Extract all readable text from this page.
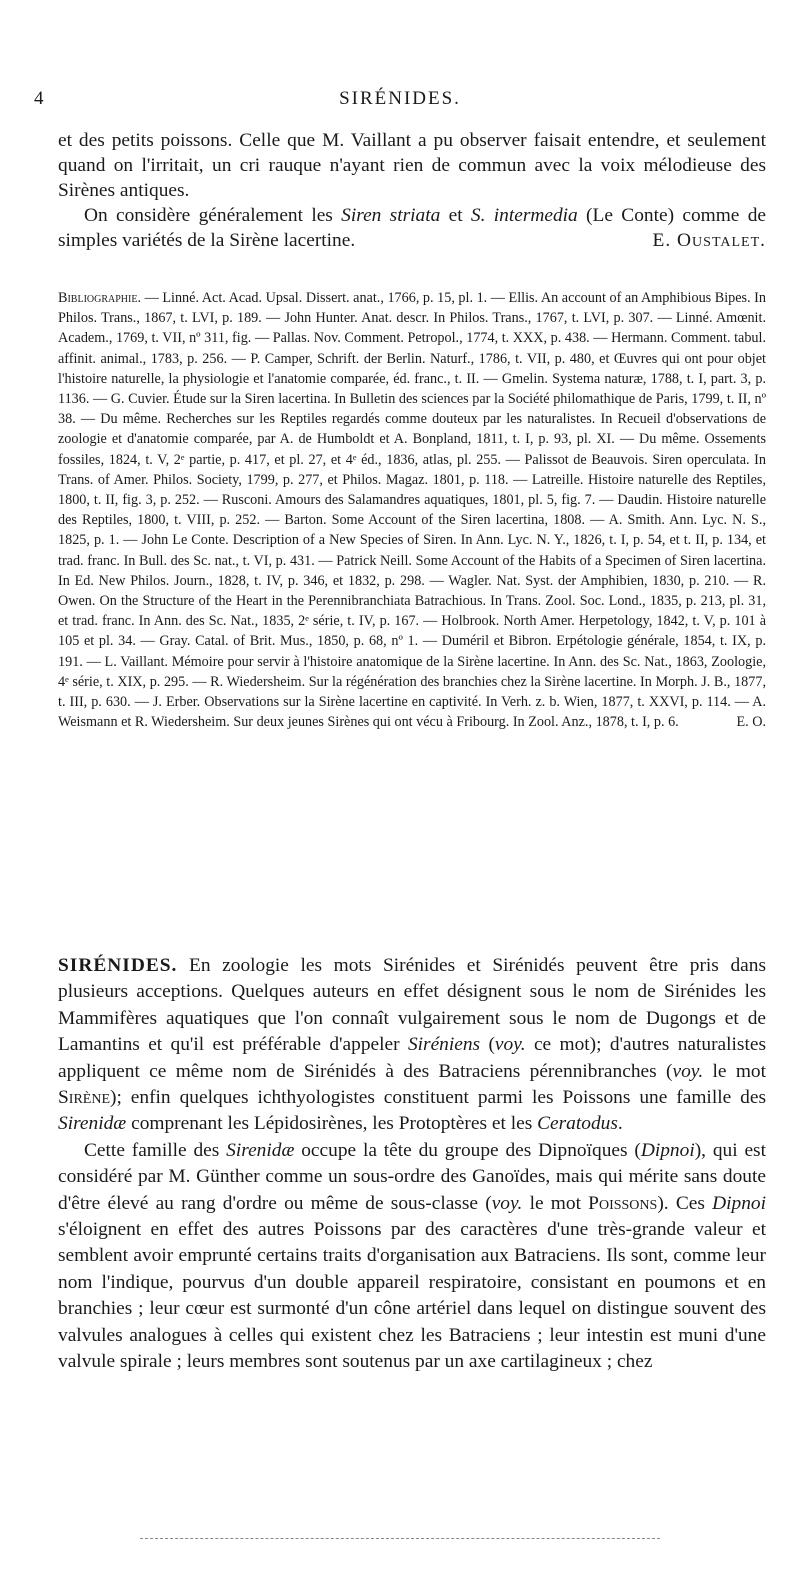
4	SIRÉNIDES.

et des petits poissons. Celle que M. Vaillant a pu observer faisait entendre, et seulement quand on l'irritait, un cri rauque n'ayant rien de commun avec la voix mélodieuse des Sirènes antiques.

On considère généralement les Siren striata et S. intermedia (Le Conte) comme de simples variétés de la Sirène lacertine.	E. Oustalet.

Bibliographie. — Linné. Act. Acad. Upsal. Dissert. anat., 1766, p. 15, pl. 1. — Ellis. An account of an Amphibious Bipes. In Philos. Trans., 1867, t. LVI, p. 189. — John Hunter. Anat. descr. In Philos. Trans., 1767, t. LVI, p. 307. — Linné. Amœnit. Academ., 1769, t. VII, nº 311, fig. — Pallas. Nov. Comment. Petropol., 1774, t. XXX, p. 438. — Hermann. Comment. tabul. affinit. animal., 1783, p. 256. — P. Camper, Schrift. der Berlin. Naturf., 1786, t. VII, p. 480, et Œuvres qui ont pour objet l'histoire naturelle, la physiologie et l'anatomie comparée, éd. franc., t. II. — Gmelin. Systema naturæ, 1788, t. I, part. 3, p. 1136. — G. Cuvier. Étude sur la Siren lacertina. In Bulletin des sciences par la Société philomathique de Paris, 1799, t. II, nº 38. — Du même. Recherches sur les Reptiles regardés comme douteux par les naturalistes. In Recueil d'observations de zoologie et d'anatomie comparée, par A. de Humboldt et A. Bonpland, 1811, t. I, p. 93, pl. XI. — Du même. Ossements fossiles, 1824, t. V, 2ᵉ partie, p. 417, et pl. 27, et 4ᵉ éd., 1836, atlas, pl. 255. — Palissot de Beauvois. Siren operculata. In Trans. of Amer. Philos. Society, 1799, p. 277, et Philos. Magaz. 1801, p. 118. — Latreille. Histoire naturelle des Reptiles, 1800, t. II, fig. 3, p. 252. — Rusconi. Amours des Salamandres aquatiques, 1801, pl. 5, fig. 7. — Daudin. Histoire naturelle des Reptiles, 1800, t. VIII, p. 252. — Barton. Some Account of the Siren lacertina, 1808. — A. Smith. Ann. Lyc. N. S., 1825, p. 1. — John Le Conte. Description of a New Species of Siren. In Ann. Lyc. N. Y., 1826, t. I, p. 54, et t. II, p. 134, et trad. franc. In Bull. des Sc. nat., t. VI, p. 431. — Patrick Neill. Some Account of the Habits of a Specimen of Siren lacertina. In Ed. New Philos. Journ., 1828, t. IV, p. 346, et 1832, p. 298. — Wagler. Nat. Syst. der Amphibien, 1830, p. 210. — R. Owen. On the Structure of the Heart in the Perennibranchiata Batrachious. In Trans. Zool. Soc. Lond., 1835, p. 213, pl. 31, et trad. franc. In Ann. des Sc. Nat., 1835, 2ᵉ série, t. IV, p. 167. — Holbrook. North Amer. Herpetology, 1842, t. V, p. 101 à 105 et pl. 34. — Gray. Catal. of Brit. Mus., 1850, p. 68, nº 1. — Duméril et Bibron. Erpétologie générale, 1854, t. IX, p. 191. — L. Vaillant. Mémoire pour servir à l'histoire anatomique de la Sirène lacertine. In Ann. des Sc. Nat., 1863, Zoologie, 4ᵉ série, t. XIX, p. 295. — R. Wiedersheim. Sur la régénération des branchies chez la Sirène lacertine. In Morph. J. B., 1877, t. III, p. 630. — J. Erber. Observations sur la Sirène lacertine en captivité. In Verh. z. b. Wien, 1877, t. XXVI, p. 114. — A. Weismann et R. Wiedersheim. Sur deux jeunes Sirènes qui ont vécu à Fribourg. In Zool. Anz., 1878, t. I, p. 6.	E. O.

SIRÉNIDES. En zoologie les mots Sirénides et Sirénidés peuvent être pris dans plusieurs acceptions. Quelques auteurs en effet désignent sous le nom de Sirénides les Mammifères aquatiques que l'on connaît vulgairement sous le nom de Dugongs et de Lamantins et qu'il est préférable d'appeler Siréniens (voy. ce mot); d'autres naturalistes appliquent ce même nom de Sirénidés à des Batraciens pérennibranches (voy. le mot Sirène); enfin quelques ichthyologistes constituent parmi les Poissons une famille des Sirenidæ comprenant les Lépidosirènes, les Protoptères et les Ceratodus.

Cette famille des Sirenidæ occupe la tête du groupe des Dipnoïques (Dipnoi), qui est considéré par M. Günther comme un sous-ordre des Ganoïdes, mais qui mérite sans doute d'être élevé au rang d'ordre ou même de sous-classe (voy. le mot Poissons). Ces Dipnoi s'éloignent en effet des autres Poissons par des caractères d'une très-grande valeur et semblent avoir emprunté certains traits d'organisation aux Batraciens. Ils sont, comme leur nom l'indique, pourvus d'un double appareil respiratoire, consistant en poumons et en branchies ; leur cœur est surmonté d'un cône artériel dans lequel on distingue souvent des valvules analogues à celles qui existent chez les Batraciens ; leur intestin est muni d'une valvule spirale ; leurs membres sont soutenus par un axe cartilagineux ; chez
